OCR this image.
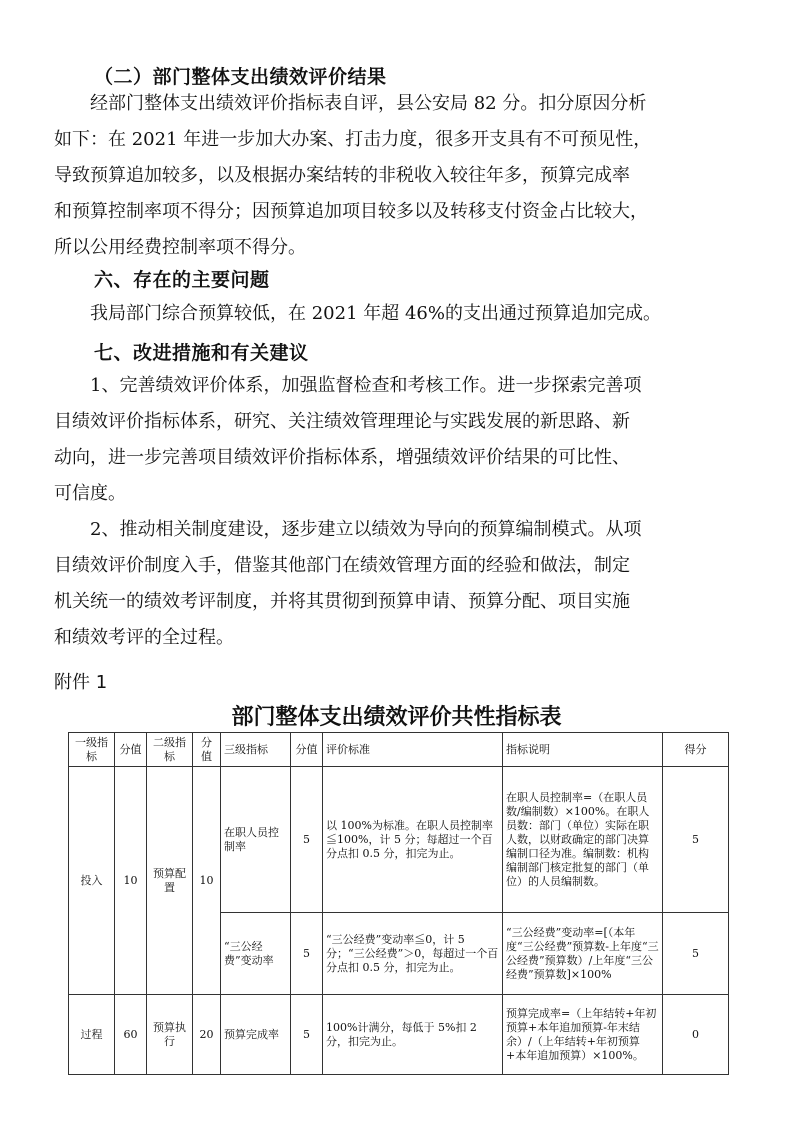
（二）部门整体支出绩效评价结果
经部门整体支出绩效评价指标表自评，县公安局 82 分。扣分原因分析
如下：在 2021 年进一步加大办案、打击力度，很多开支具有不可预见性，
导致预算追加较多，以及根据办案结转的非税收入较往年多，预算完成率
和预算控制率项不得分；因预算追加项目较多以及转移支付资金占比较大，
所以公用经费控制率项不得分。
六、存在的主要问题
我局部门综合预算较低，在 2021 年超 46%的支出通过预算追加完成。
七、改进措施和有关建议
1、完善绩效评价体系，加强监督检查和考核工作。进一步探索完善项
目绩效评价指标体系，研究、关注绩效管理理论与实践发展的新思路、新
动向，进一步完善项目绩效评价指标体系，增强绩效评价结果的可比性、
可信度。
2、推动相关制度建设，逐步建立以绩效为导向的预算编制模式。从项
目绩效评价制度入手，借鉴其他部门在绩效管理方面的经验和做法，制定
机关统一的绩效考评制度，并将其贯彻到预算申请、预算分配、项目实施
和绩效考评的全过程。
附件 1
部门整体支出绩效评价共性指标表
一级指标	分值	二级指标	分值	三级指标	分值	评价标准	指标说明	得分
投入	10	预算配置	10	在职人员控制率	5	以 100%为标准。在职人员控制率≦100%，计 5 分；每超过一个百分点扣 0.5 分，扣完为止。	在职人员控制率=（在职人员数/编制数）×100%。在职人员数：部门（单位）实际在职人数，以财政确定的部门决算编制口径为准。编制数：机构编制部门核定批复的部门（单位）的人员编制数。	5
				“三公经费”变动率	5	“三公经费”变动率≦0，计 5 分；“三公经费”＞0，每超过一个百分点扣 0.5 分，扣完为止。	“三公经费”变动率=[（本年度“三公经费”预算数-上年度“三公经费”预算数）/上年度“三公经费”预算数]×100%	5
过程	60	预算执行	20	预算完成率	5	100%计满分，每低于 5%扣 2 分，扣完为止。	预算完成率=（上年结转+年初预算+本年追加预算-年末结余）/（上年结转+年初预算+本年追加预算）×100%。	0
